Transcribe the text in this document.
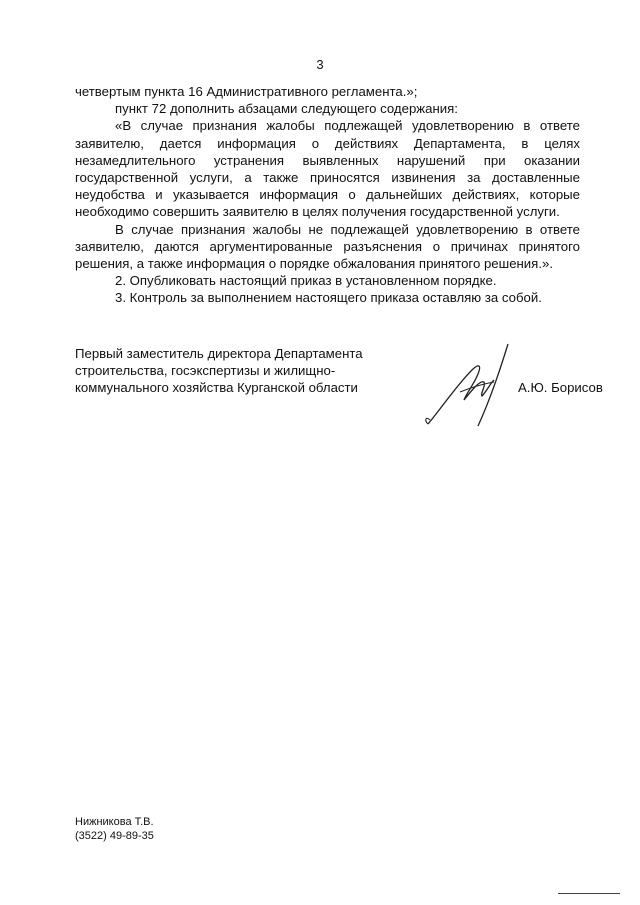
3

четвертым пункта 16 Административного регламента.»;

пункт 72 дополнить абзацами следующего содержания:

«В случае признания жалобы подлежащей удовлетворению в ответе заявителю, дается информация о действиях Департамента, в целях незамедлительного устранения выявленных нарушений при оказании государственной услуги, а также приносятся извинения за доставленные неудобства и указывается информация о дальнейших действиях, которые необходимо совершить заявителю в целях получения государственной услуги.

В случае признания жалобы не подлежащей удовлетворению в ответе заявителю, даются аргументированные разъяснения о причинах принятого решения, а также информация о порядке обжалования принятого решения.».

2. Опубликовать настоящий приказ в установленном порядке.

3. Контроль за выполнением настоящего приказа оставляю за собой.

Первый заместитель директора Департамента
строительства, госэкспертизы и жилищно-
коммунального хозяйства Курганской области	А.Ю. Борисов
Нижникова Т.В.
(3522) 49-89-35
